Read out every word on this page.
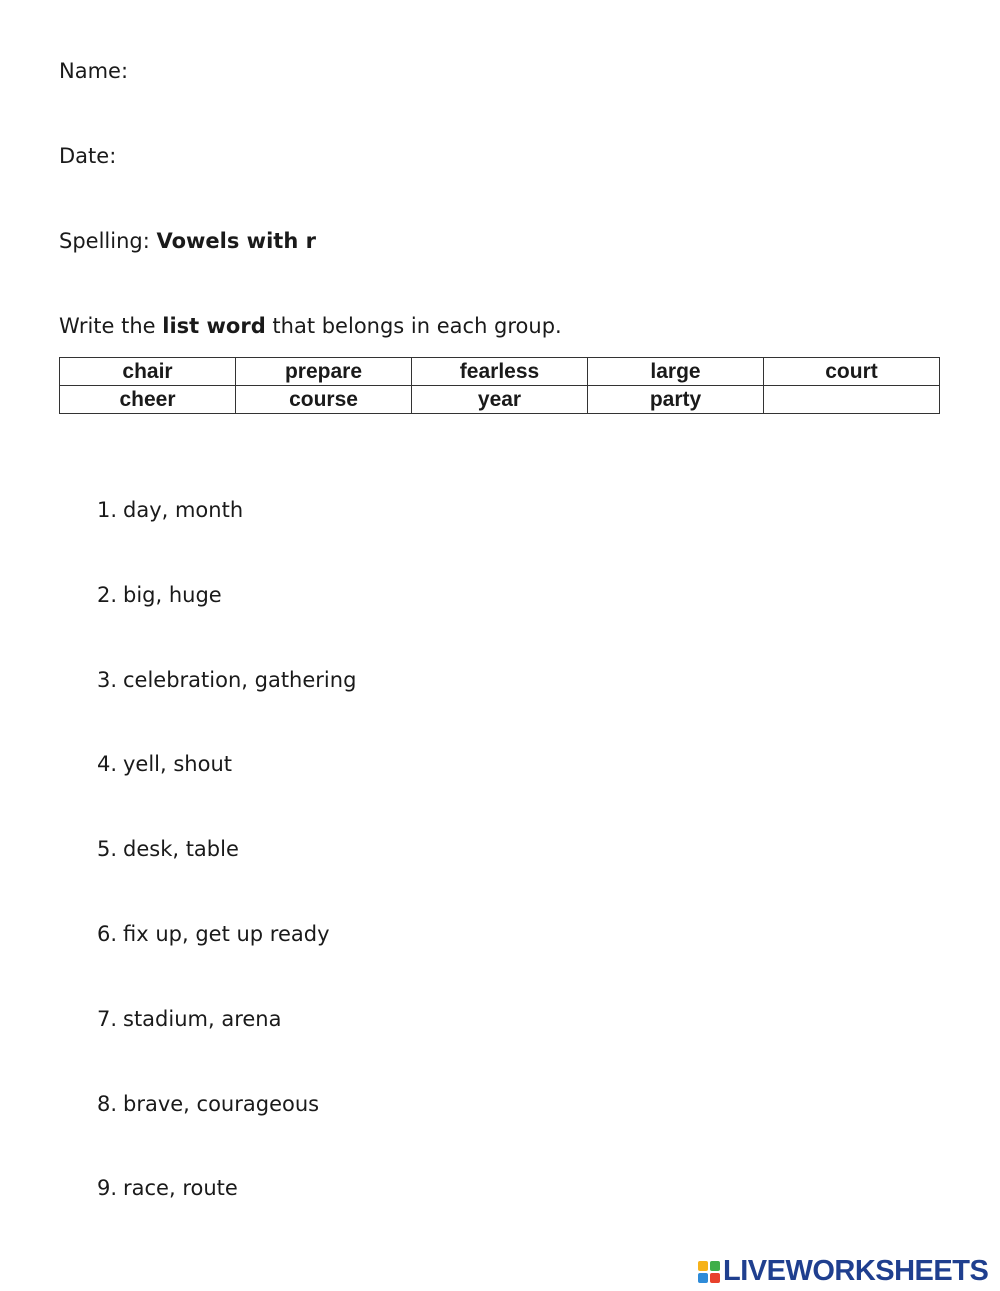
Name:
Date:
Spelling: Vowels with r
Write the list word that belongs in each group.
chair	prepare	fearless	large	court
cheer	course	year	party	
1. day, month
2. big, huge
3. celebration, gathering
4. yell, shout
5. desk, table
6. fix up, get up ready
7. stadium, arena
8. brave, courageous
9. race, route
LIVEWORKSHEETS
